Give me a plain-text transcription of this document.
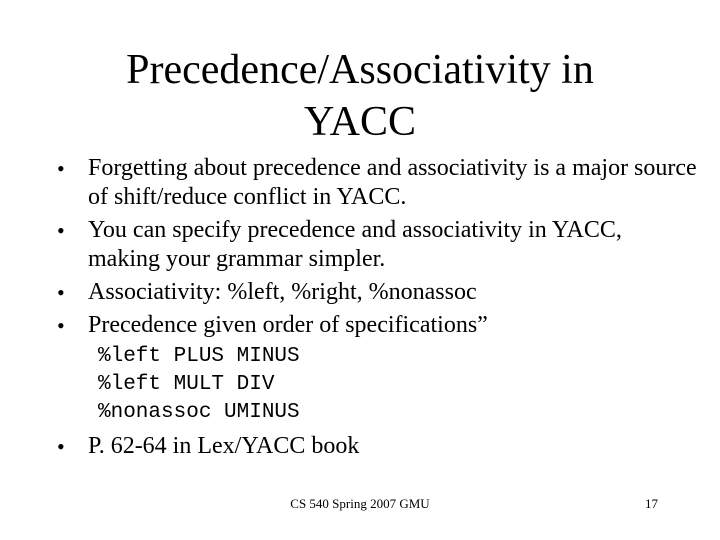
Precedence/Associativity in
YACC
• Forgetting about precedence and associativity is a major source of shift/reduce conflict in YACC.
• You can specify precedence and associativity in YACC, making your grammar simpler.
• Associativity: %left, %right, %nonassoc
• Precedence given order of specifications”
%left PLUS MINUS
%left MULT DIV
%nonassoc UMINUS
• P. 62-64 in Lex/YACC book
CS 540 Spring 2007 GMU	17
